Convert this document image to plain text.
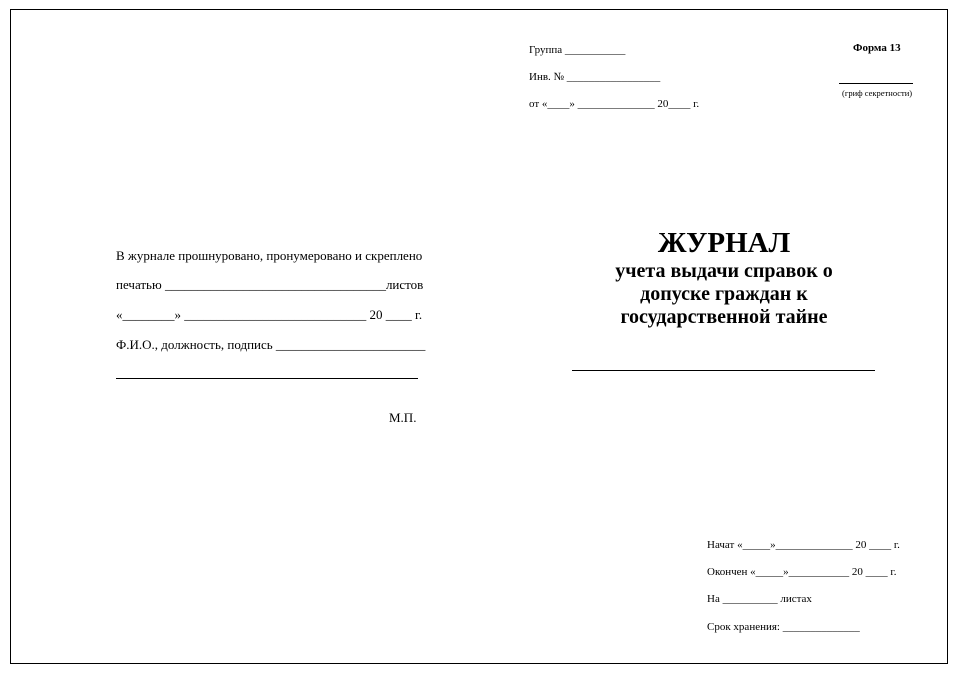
Группа ___________
Инв. № _________________
от «____» ______________ 20____ г.
Форма 13
(гриф секретности)
ЖУРНАЛ
учета выдачи справок о
допуске граждан к
государственной тайне
В журнале прошнуровано, пронумеровано и скреплено
печатью __________________________________листов
«________» ____________________________ 20 ____ г.
Ф.И.О., должность, подпись _______________________
М.П.
Начат «_____»______________ 20 ____ г.
Окончен «_____»___________ 20 ____ г.
На __________ листах
Срок хранения: ______________
